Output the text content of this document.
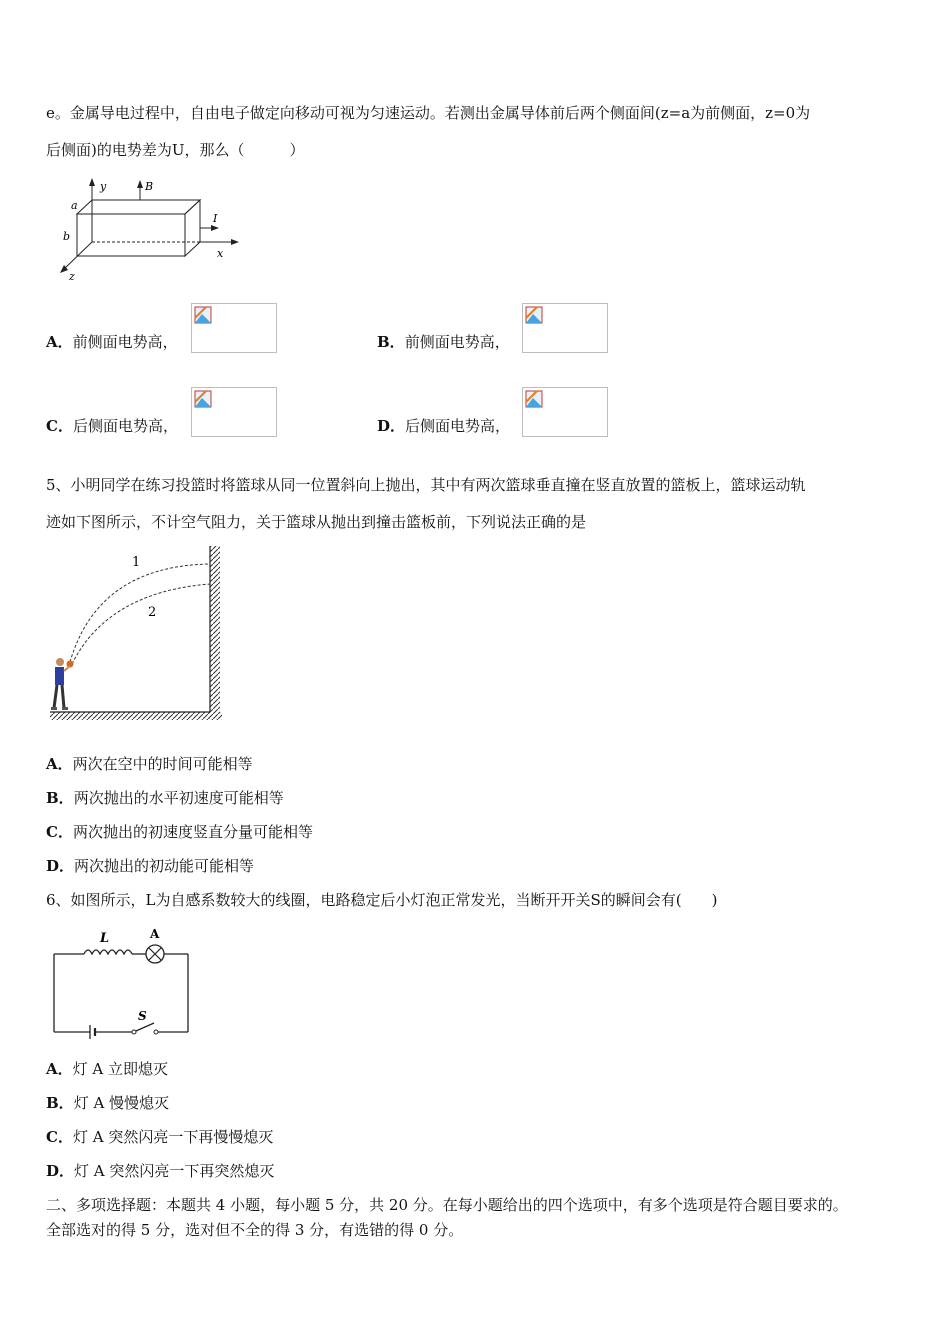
e。金属导电过程中，自由电子做定向移动可视为匀速运动。若测出金属导体前后两个侧面间(z=a为前侧面，z=0为
后侧面)的电势差为U，那么（　　　）
y	B
I
x
z
a
b
A．前侧面电势高，	B．前侧面电势高，
C．后侧面电势高，	D．后侧面电势高，
5、小明同学在练习投篮时将篮球从同一位置斜向上抛出，其中有两次篮球垂直撞在竖直放置的篮板上，篮球运动轨
迹如下图所示，不计空气阻力，关于篮球从抛出到撞击篮板前，下列说法正确的是
1
2
A．两次在空中的时间可能相等
B．两次抛出的水平初速度可能相等
C．两次抛出的初速度竖直分量可能相等
D．两次抛出的初动能可能相等
6、如图所示，L为自感系数较大的线圈，电路稳定后小灯泡正常发光，当断开开关S的瞬间会有(　　)
L	A
S
A．灯 A 立即熄灭
B．灯 A 慢慢熄灭
C．灯 A 突然闪亮一下再慢慢熄灭
D．灯 A 突然闪亮一下再突然熄灭
二、多项选择题：本题共 4 小题，每小题 5 分，共 20 分。在每小题给出的四个选项中，有多个选项是符合题目要求的。
全部选对的得 5 分，选对但不全的得 3 分，有选错的得 0 分。
